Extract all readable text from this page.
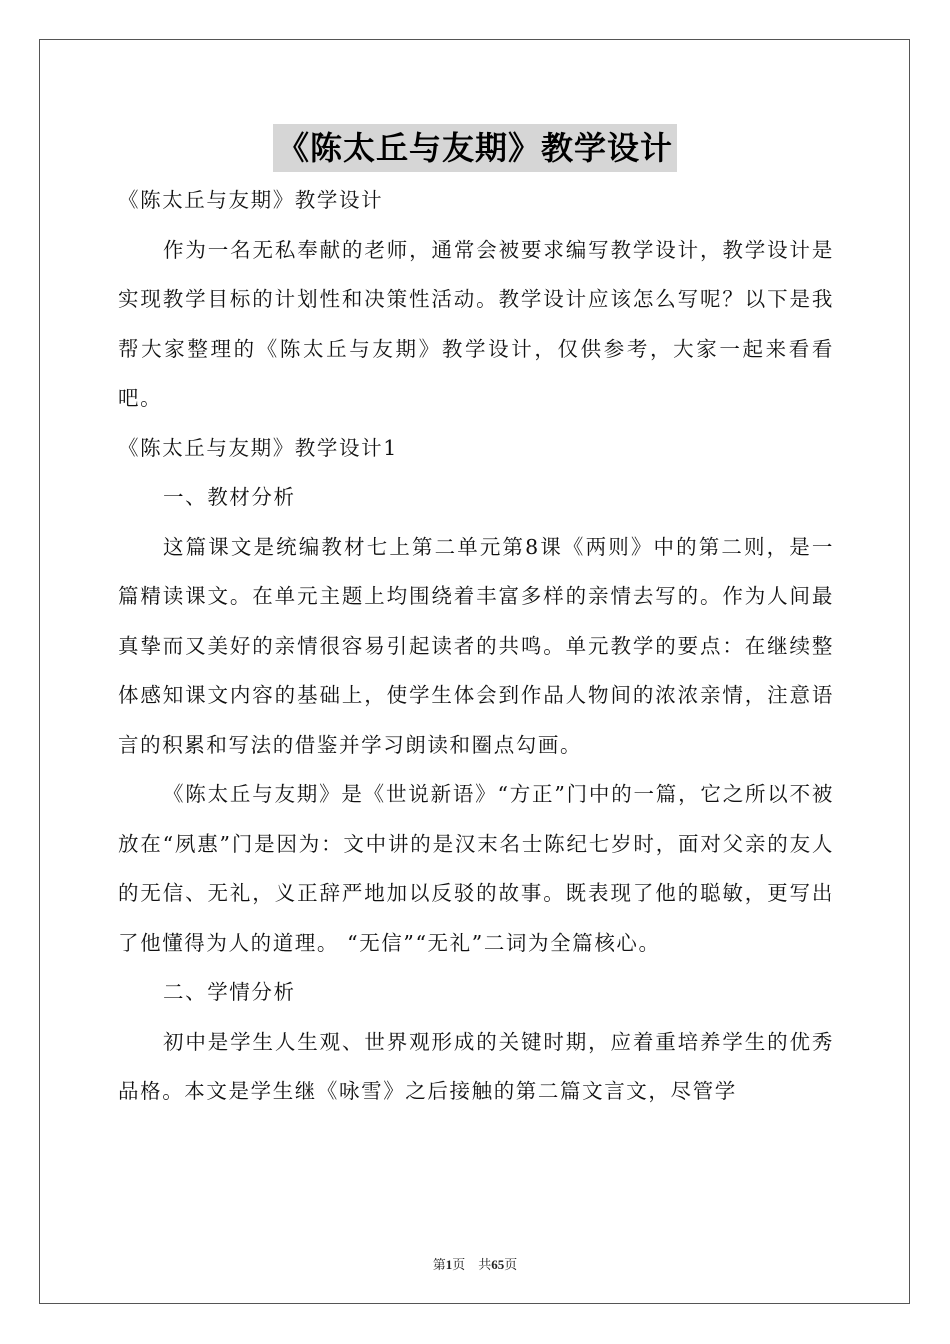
《陈太丘与友期》教学设计

《陈太丘与友期》教学设计

作为一名无私奉献的老师，通常会被要求编写教学设计，教学设计是实现教学目标的计划性和决策性活动。教学设计应该怎么写呢？以下是我帮大家整理的《陈太丘与友期》教学设计，仅供参考，大家一起来看看吧。

《陈太丘与友期》教学设计1

一、教材分析

这篇课文是统编教材七上第二单元第8课《两则》中的第二则，是一篇精读课文。在单元主题上均围绕着丰富多样的亲情去写的。作为人间最真挚而又美好的亲情很容易引起读者的共鸣。单元教学的要点：在继续整体感知课文内容的基础上，使学生体会到作品人物间的浓浓亲情，注意语言的积累和写法的借鉴并学习朗读和圈点勾画。

《陈太丘与友期》是《世说新语》“方正”门中的一篇，它之所以不被放在“夙惠”门是因为：文中讲的是汉末名士陈纪七岁时，面对父亲的友人的无信、无礼，义正辞严地加以反驳的故事。既表现了他的聪敏，更写出了他懂得为人的道理。 “无信”“无礼”二词为全篇核心。

二、学情分析

初中是学生人生观、世界观形成的关键时期，应着重培养学生的优秀品格。本文是学生继《咏雪》之后接触的第二篇文言文，尽管学

第1页 共65页
